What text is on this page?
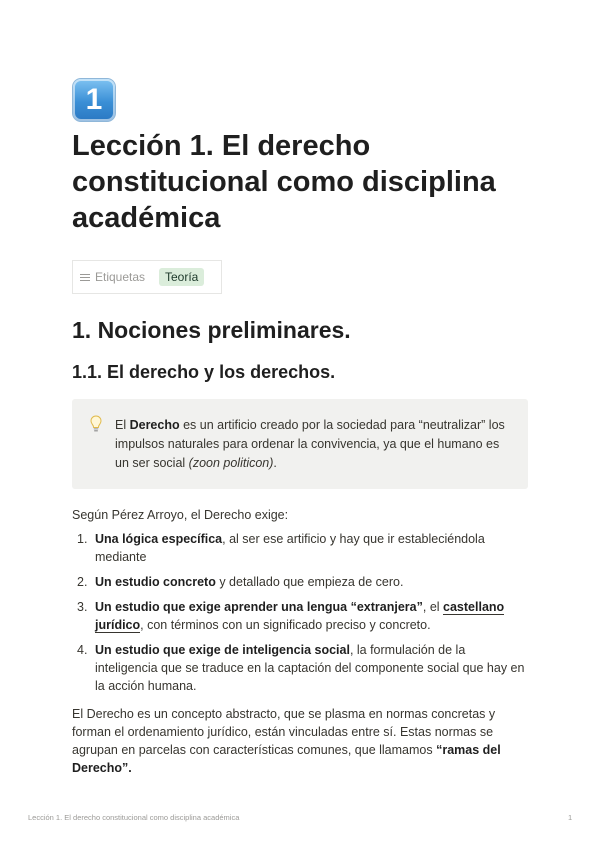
1
Lección 1. El derecho constitucional como disciplina académica
Etiquetas	Teoría
1. Nociones preliminares.
1.1. El derecho y los derechos.

El Derecho es un artificio creado por la sociedad para “neutralizar” los impulsos naturales para ordenar la convivencia, ya que el humano es un ser social (zoon politicon).

Según Pérez Arroyo, el Derecho exige:

1. Una lógica específica, al ser ese artificio y hay que ir estableciéndola mediante
2. Un estudio concreto y detallado que empieza de cero.
3. Un estudio que exige aprender una lengua “extranjera”, el castellano jurídico, con términos con un significado preciso y concreto.
4. Un estudio que exige de inteligencia social, la formulación de la inteligencia que se traduce en la captación del componente social que hay en la acción humana.

El Derecho es un concepto abstracto, que se plasma en normas concretas y forman el ordenamiento jurídico, están vinculadas entre sí. Estas normas se agrupan en parcelas con características comunes, que llamamos “ramas del Derecho”.

Lección 1. El derecho constitucional como disciplina académica	1
